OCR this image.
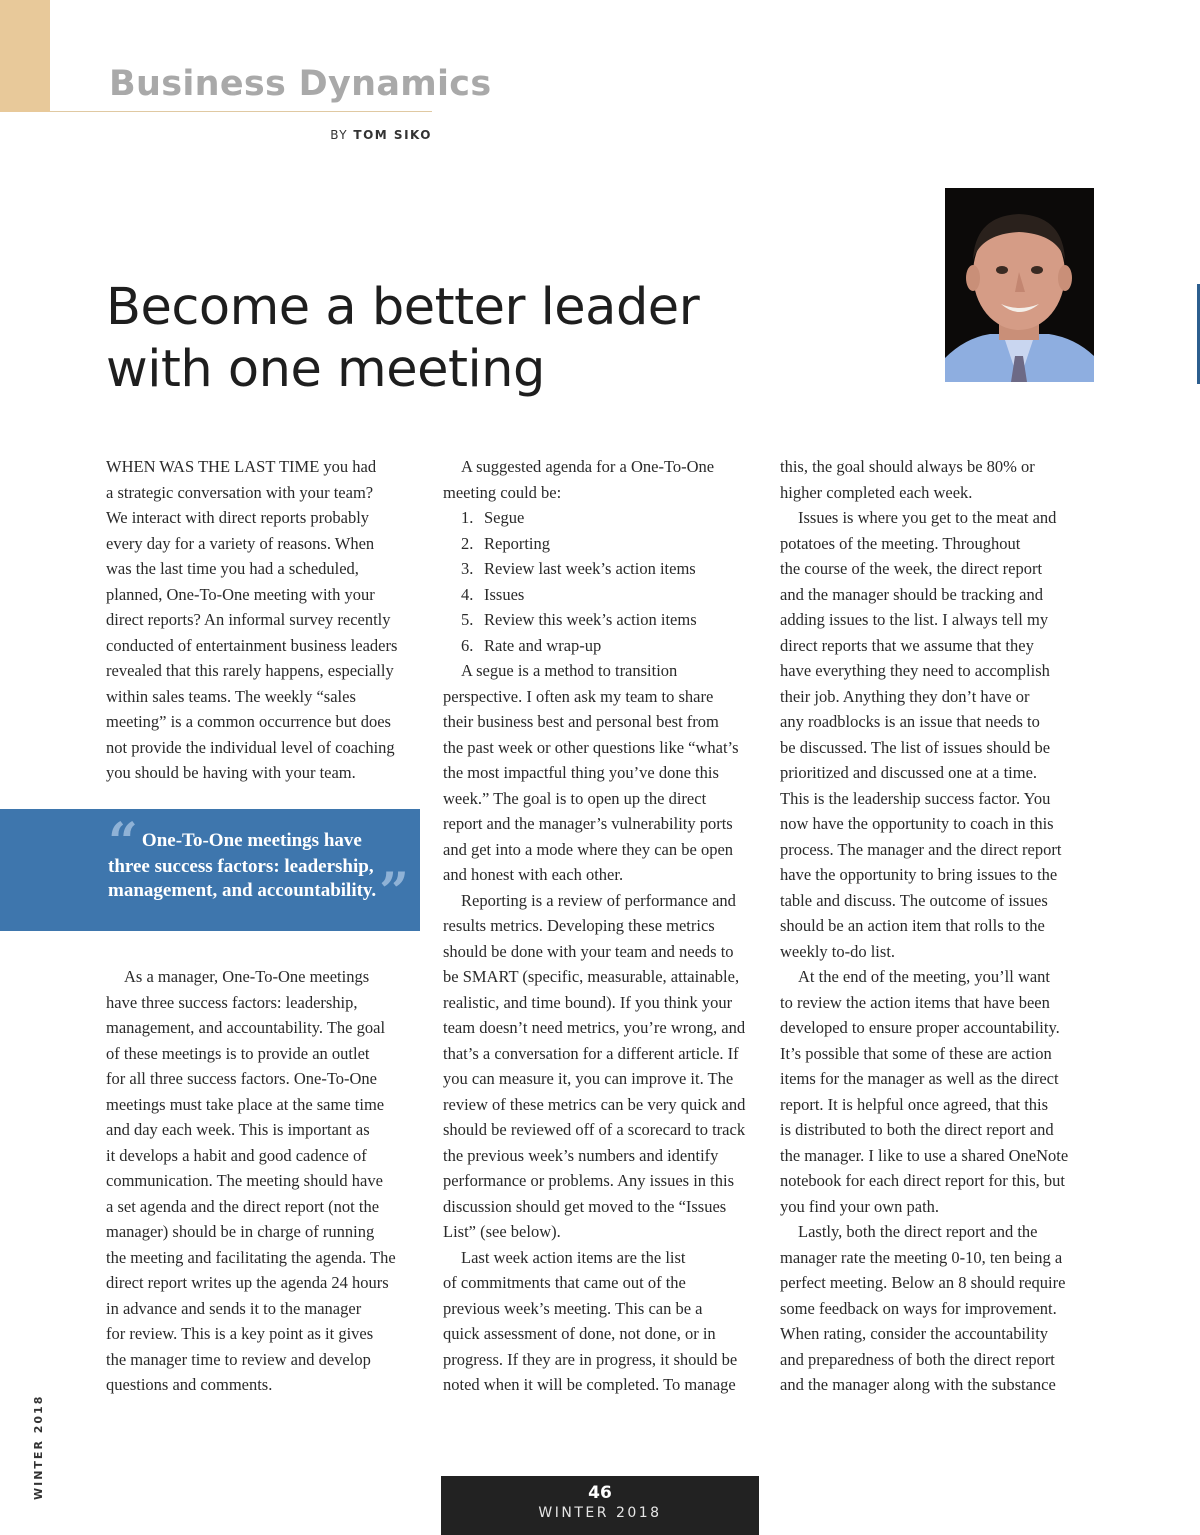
Business Dynamics
BY TOM SIKO
Become a better leader
with one meeting

WHEN WAS THE LAST TIME you had
a strategic conversation with your team?
We interact with direct reports probably
every day for a variety of reasons. When
was the last time you had a scheduled,
planned, One-To-One meeting with your
direct reports? An informal survey recently
conducted of entertainment business leaders
revealed that this rarely happens, especially
within sales teams. The weekly “sales
meeting” is a common occurrence but does
not provide the individual level of coaching
you should be having with your team.

“ One-To-One meetings have
three success factors: leadership,
management, and accountability.”

As a manager, One-To-One meetings

have three success factors: leadership,
management, and accountability. The goal
of these meetings is to provide an outlet
for all three success factors. One-To-One
meetings must take place at the same time
and day each week. This is important as
it develops a habit and good cadence of
communication. The meeting should have
a set agenda and the direct report (not the
manager) should be in charge of running
the meeting and facilitating the agenda. The
direct report writes up the agenda 24 hours
in advance and sends it to the manager
for review. This is a key point as it gives
the manager time to review and develop
questions and comments.

A suggested agenda for a One-To-One

meeting could be:

1. Segue
2. Reporting
3. Review last week’s action items
4. Issues
5. Review this week’s action items
6. Rate and wrap-up
A segue is a method to transition
perspective. I often ask my team to share
their business best and personal best from
the past week or other questions like “what’s
the most impactful thing you’ve done this
week.” The goal is to open up the direct
report and the manager’s vulnerability ports
and get into a mode where they can be open
and honest with each other.
Reporting is a review of performance and
results metrics. Developing these metrics
should be done with your team and needs to
be SMART (specific, measurable, attainable,
realistic, and time bound). If you think your
team doesn’t need metrics, you’re wrong, and
that’s a conversation for a different article. If
you can measure it, you can improve it. The
review of these metrics can be very quick and
should be reviewed off of a scorecard to track
the previous week’s numbers and identify
performance or problems. Any issues in this
discussion should get moved to the “Issues
List” (see below).
Last week action items are the list
of commitments that came out of the
previous week’s meeting. This can be a
quick assessment of done, not done, or in
progress. If they are in progress, it should be
noted when it will be completed. To manage
this, the goal should always be 80% or
higher completed each week.
Issues is where you get to the meat and
potatoes of the meeting. Throughout
the course of the week, the direct report
and the manager should be tracking and
adding issues to the list. I always tell my
direct reports that we assume that they
have everything they need to accomplish
their job. Anything they don’t have or
any roadblocks is an issue that needs to
be discussed. The list of issues should be
prioritized and discussed one at a time.
This is the leadership success factor. You
now have the opportunity to coach in this
process. The manager and the direct report
have the opportunity to bring issues to the
table and discuss. The outcome of issues
should be an action item that rolls to the
weekly to-do list.
At the end of the meeting, you’ll want
to review the action items that have been
developed to ensure proper accountability.
It’s possible that some of these are action
items for the manager as well as the direct
report. It is helpful once agreed, that this
is distributed to both the direct report and
the manager. I like to use a shared OneNote
notebook for each direct report for this, but
you find your own path.
Lastly, both the direct report and the
manager rate the meeting 0-10, ten being a
perfect meeting. Below an 8 should require
some feedback on ways for improvement.
When rating, consider the accountability
and preparedness of both the direct report
and the manager along with the substance
WINTER 2018	46
WINTER 2018
